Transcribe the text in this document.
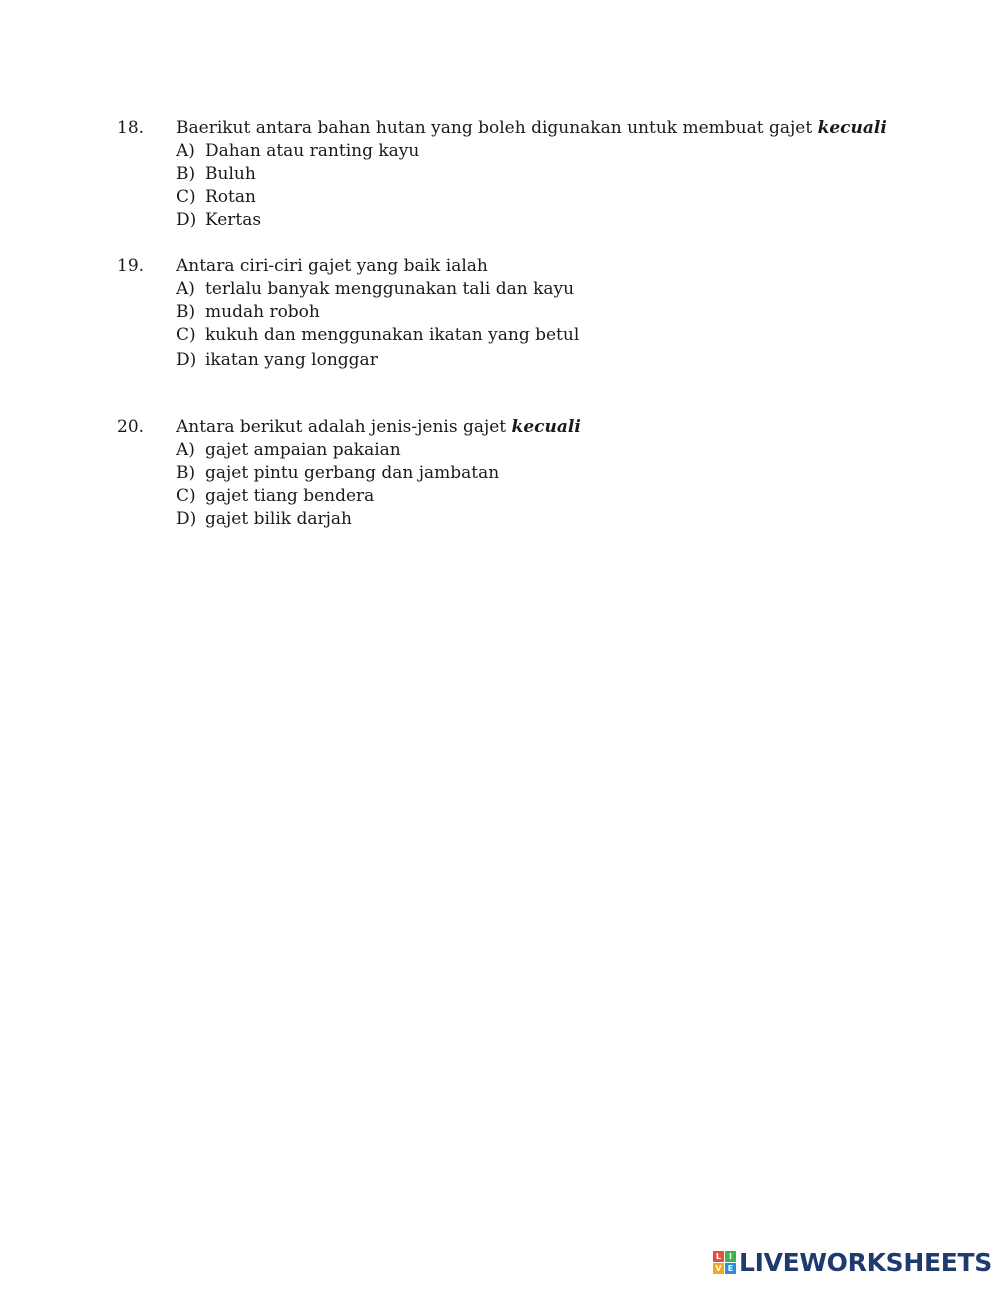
18.	Baerikut antara bahan hutan yang boleh digunakan untuk membuat gajet kecuali
A) Dahan atau ranting kayu
B) Buluh
C) Rotan
D) Kertas
19.	Antara ciri-ciri gajet yang baik ialah
A) terlalu banyak menggunakan tali dan kayu
B) mudah roboh
C) kukuh dan menggunakan ikatan yang betul
D) ikatan yang longgar
20.	Antara berikut adalah jenis-jenis gajet kecuali
A) gajet ampaian pakaian
B) gajet pintu gerbang dan jambatan
C) gajet tiang bendera
D) gajet bilik darjah
L I
V E LIVEWORKSHEETS
